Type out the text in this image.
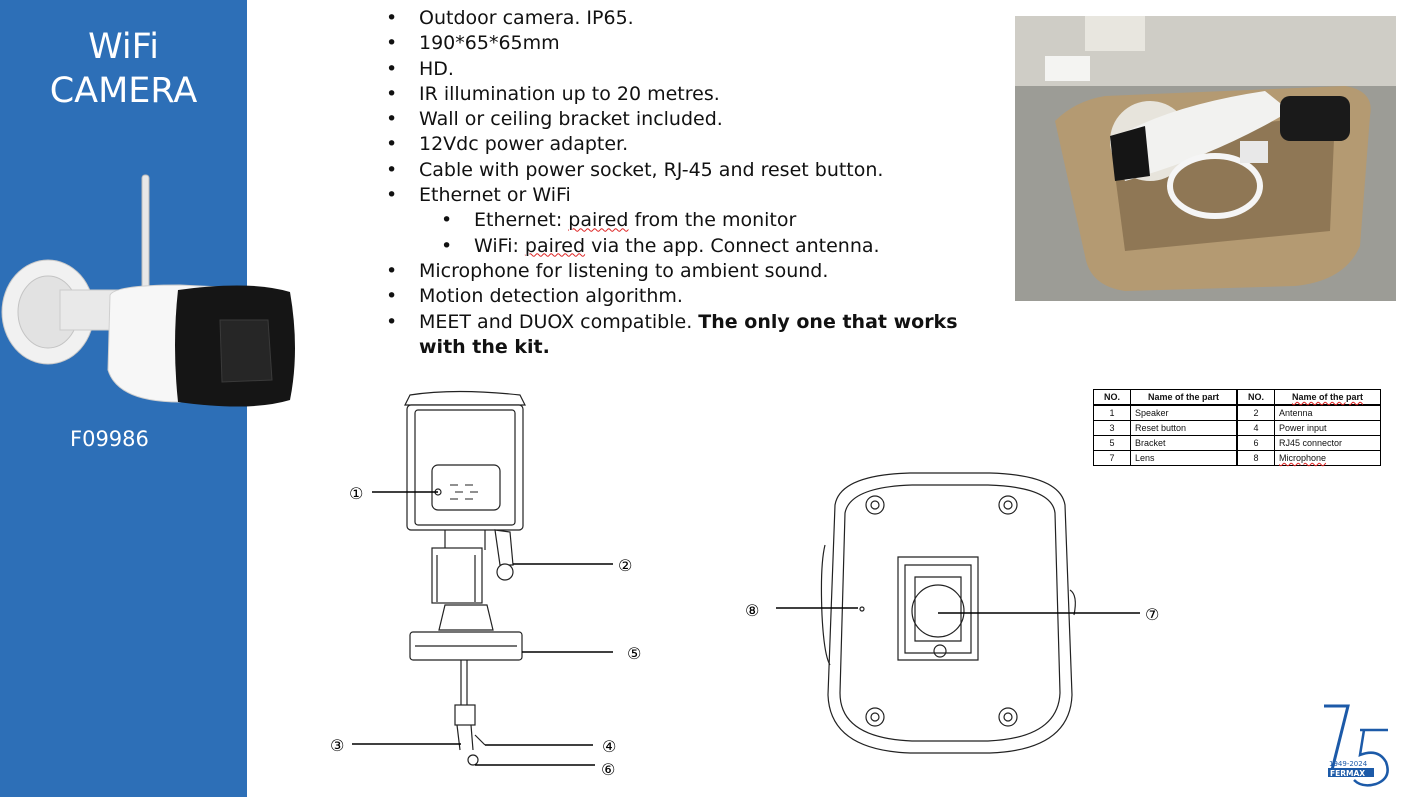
WiFi
CAMERA
F09986
• Outdoor camera. IP65.
• 190*65*65mm
• HD.
• IR illumination up to 20 metres.
• Wall or ceiling bracket included.
• 12Vdc power adapter.
• Cable with power socket, RJ-45 and reset button.
• Ethernet or WiFi
• Ethernet: paired from the monitor
• WiFi: paired via the app. Connect antenna.
• Microphone for listening to ambient sound.
• Motion detection algorithm.
• MEET and DUOX compatible. The only one that works with the kit.
NO.	Name of the part	NO.	Name of the part
1	Speaker	2	Antenna
3	Reset button	4	Power input
5	Bracket	6	RJ45 connector
7	Lens	8	Microphone
①
②
⑤
③	④
⑥
⑧	⑦
1949-2024
FERMAX
